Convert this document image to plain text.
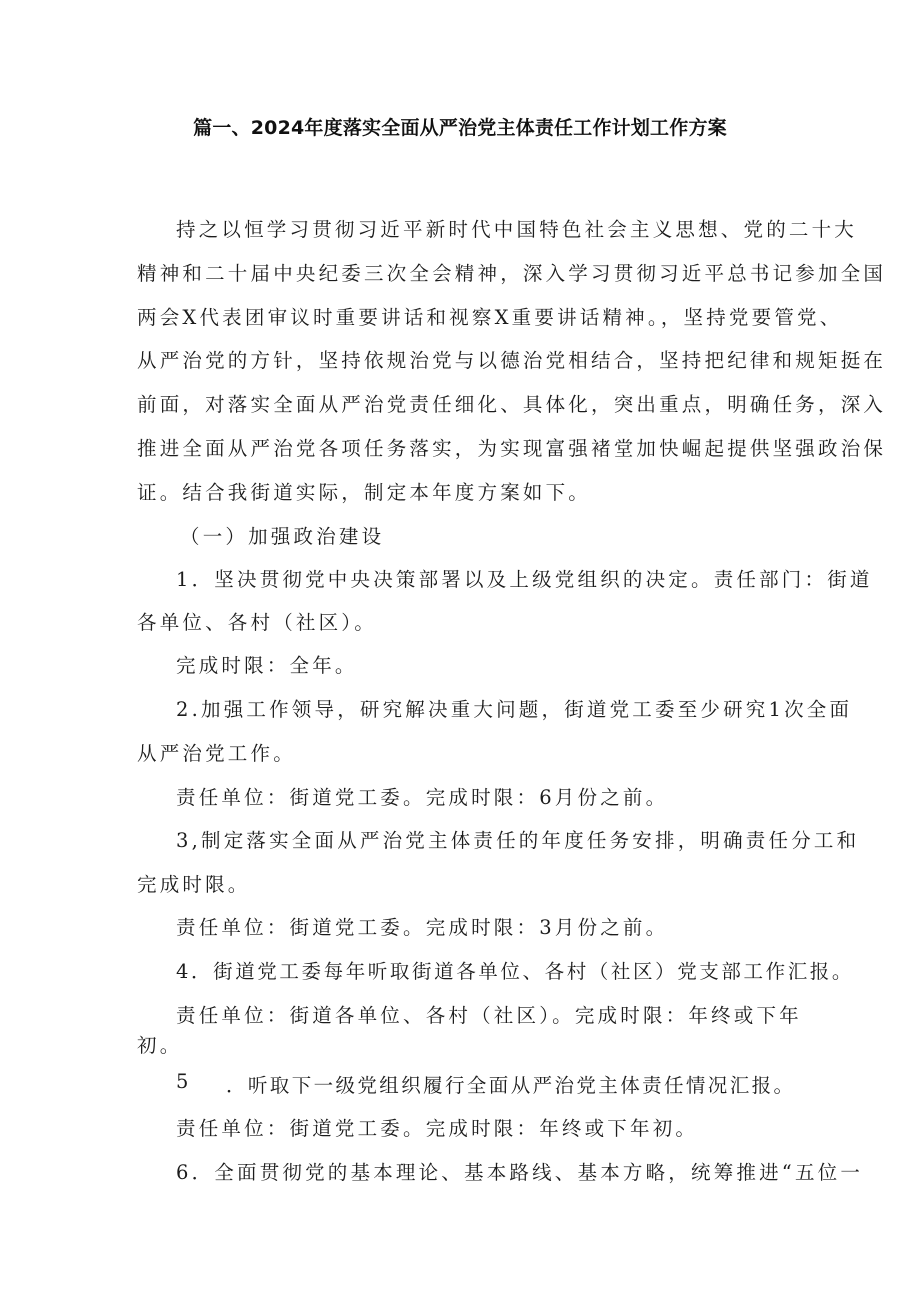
篇一、2024年度落实全面从严治党主体责任工作计划工作方案
持之以恒学习贯彻习近平新时代中国特色社会主义思想、党的二十大
精神和二十届中央纪委三次全会精神，深入学习贯彻习近平总书记参加全国
两会X代表团审议时重要讲话和视察X重要讲话精神。，坚持党要管党、
从严治党的方针，坚持依规治党与以德治党相结合，坚持把纪律和规矩挺在
前面，对落实全面从严治党责任细化、具体化，突出重点，明确任务，深入
推进全面从严治党各项任务落实，为实现富强褚堂加快崛起提供坚强政治保
证。结合我街道实际，制定本年度方案如下。
（一）加强政治建设
1．坚决贯彻党中央决策部署以及上级党组织的决定。责任部门：街道
各单位、各村（社区）。
完成时限：全年。
2.加强工作领导，研究解决重大问题，街道党工委至少研究1次全面
从严治党工作。
责任单位：街道党工委。完成时限：6月份之前。
3,制定落实全面从严治党主体责任的年度任务安排，明确责任分工和
完成时限。
责任单位：街道党工委。完成时限：3月份之前。
4．街道党工委每年听取街道各单位、各村（社区）党支部工作汇报。
责任单位：街道各单位、各村（社区）。完成时限：年终或下年
初。
5 ．听取下一级党组织履行全面从严治党主体责任情况汇报。
责任单位：街道党工委。完成时限：年终或下年初。
6．全面贯彻党的基本理论、基本路线、基本方略，统筹推进“五位一
